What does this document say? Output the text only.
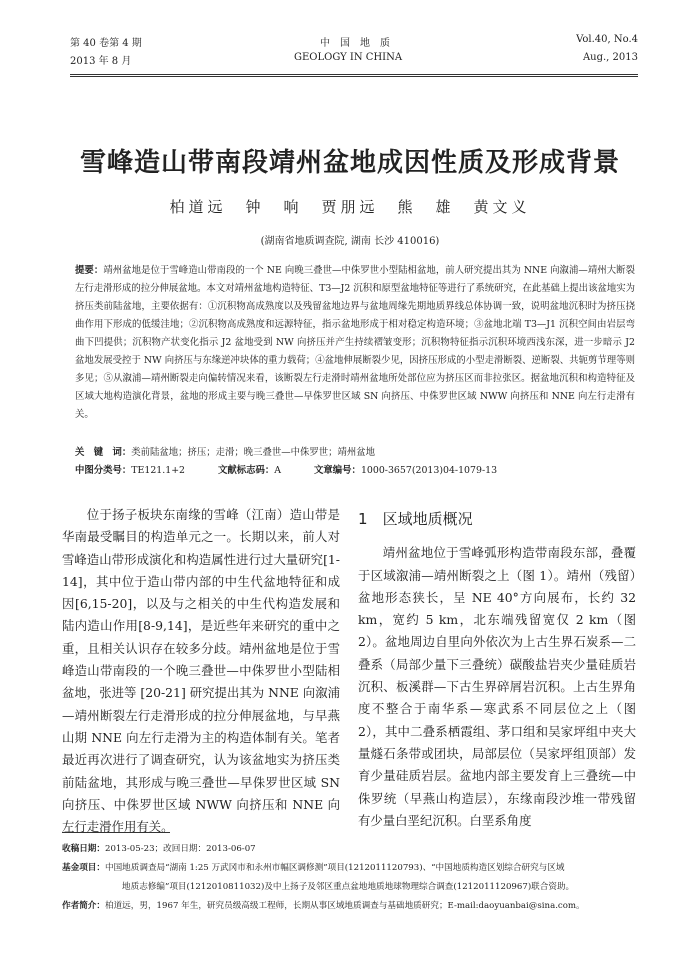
第 40 卷第 4 期
2013 年 8 月
中　国　地　质
GEOLOGY IN CHINA
Vol.40, No.4
Aug., 2013
雪峰造山带南段靖州盆地成因性质及形成背景
柏道远　钟　响　贾朋远　熊　雄　黄文义
(湖南省地质调查院, 湖南 长沙 410016)
提要：靖州盆地是位于雪峰造山带南段的一个 NE 向晚三叠世—中侏罗世小型陆相盆地，前人研究提出其为 NNE 向溆浦—靖州大断裂左行走滑形成的拉分伸展盆地。本文对靖州盆地构造特征、T3—J2 沉积和原型盆地特征等进行了系统研究，在此基础上提出该盆地实为挤压类前陆盆地，主要依据有：①沉积物高成熟度以及残留盆地边界与盆地周缘先期地质界线总体协调一致，说明盆地沉积时为挤压挠曲作用下形成的低缓洼地；②沉积物高成熟度和远源特征，指示盆地形成于相对稳定构造环境；③盆地北端 T3—J1 沉积空间由岩层弯曲下凹提供；沉积物产状变化指示 J2 盆地受到 NW 向挤压并产生持续褶皱变形；沉积物特征指示沉积环境西浅东深，进一步暗示 J2 盆地发展受控于 NW 向挤压与东缘逆冲块体的重力载荷；④盆地伸展断裂少见，因挤压形成的小型走滑断裂、逆断裂、共轭剪节理等则多见；⑤从溆浦—靖州断裂走向偏转情况来看，该断裂左行走滑时靖州盆地所处部位应为挤压区而非拉张区。据盆地沉积和构造特征及区域大地构造演化背景，盆地的形成主要与晚三叠世—早侏罗世区域 SN 向挤压、中侏罗世区域 NWW 向挤压和 NNE 向左行走滑有关。
关　键　词：类前陆盆地；挤压；走滑；晚三叠世—中侏罗世；靖州盆地
中图分类号：TE121.1+2	文献标志码：A	文章编号：1000-3657(2013)04-1079-13
位于扬子板块东南缘的雪峰（江南）造山带是华南最受瞩目的构造单元之一。长期以来，前人对雪峰造山带形成演化和构造属性进行过大量研究[1-14]，其中位于造山带内部的中生代盆地特征和成因[6,15-20]，以及与之相关的中生代构造发展和陆内造山作用[8-9,14]，是近些年来研究的重中之重，且相关认识存在较多分歧。靖州盆地是位于雪峰造山带南段的一个晚三叠世—中侏罗世小型陆相盆地，张进等 [20-21] 研究提出其为 NNE 向溆浦—靖州断裂左行走滑形成的拉分伸展盆地，与早燕山期 NNE 向左行走滑为主的构造体制有关。笔者最近再次进行了调查研究，认为该盆地实为挤压类前陆盆地，其形成与晚三叠世—早侏罗世区域 SN 向挤压、中侏罗世区域 NWW 向挤压和 NNE 向左行走滑作用有关。
1　 区域地质概况
靖州盆地位于雪峰弧形构造带南段东部，叠覆于区域溆浦—靖州断裂之上（图 1）。靖州（残留）盆地形态狭长，呈 NE 40°方向展布，长约 32 km，宽约 5 km，北东端残留宽仅 2 km（图 2）。盆地周边自里向外依次为上古生界石炭系—二叠系（局部少量下三叠统）碳酸盐岩夹少量硅质岩沉积、板溪群—下古生界碎屑岩沉积。上古生界角度不整合于南华系—寒武系不同层位之上（图 2），其中二叠系栖霞组、茅口组和吴家坪组中夹大量燧石条带或团块，局部层位（吴家坪组顶部）发育少量硅质岩层。盆地内部主要发育上三叠统—中侏罗统（早燕山构造层），东缘南段沙堆一带残留有少量白垩纪沉积。白垩系角度
收稿日期：2013-05-23；改回日期：2013-06-07
基金项目：中国地质调查局“湖南 1:25 万武冈市和永州市幅区调修测”项目(1212011120793)、“中国地质构造区划综合研究与区域
地质志修编”项目(1212010811032)及中上扬子及邻区重点盆地地质地球物理综合调查(1212011120967)联合资助。
作者简介：柏道远，男，1967 年生，研究员级高级工程师，长期从事区域地质调查与基础地质研究；E-mail:daoyuanbai@sina.com。
